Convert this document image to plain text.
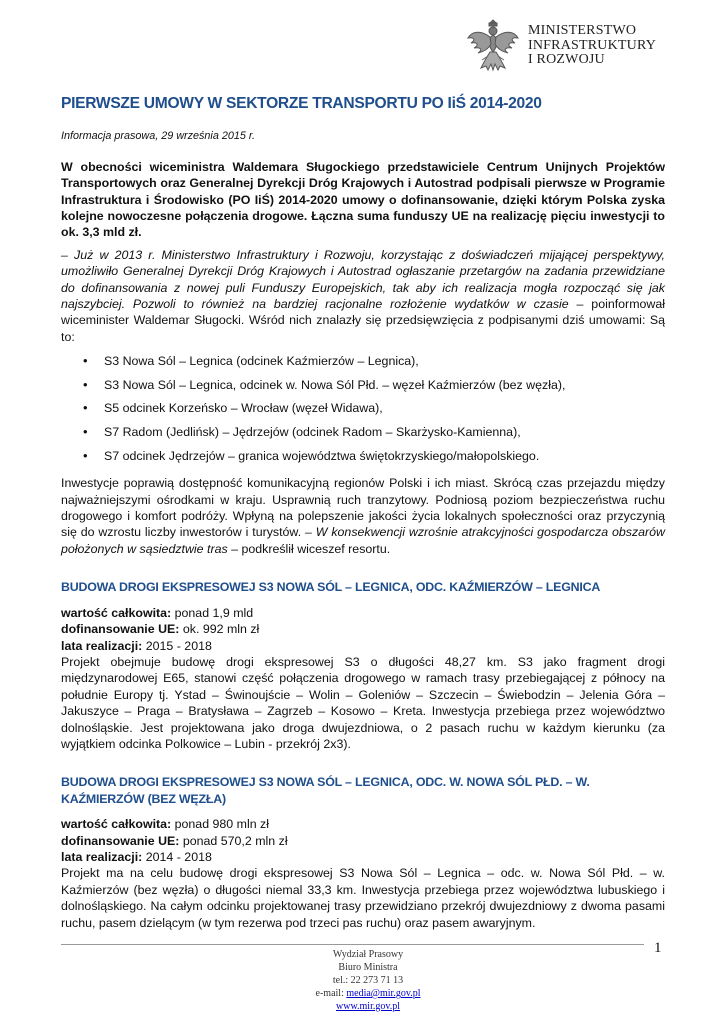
MINISTERSTWO
INFRASTRUKTURY
I ROZWOJU
PIERWSZE UMOWY W SEKTORZE TRANSPORTU PO IiŚ 2014-2020

Informacja prasowa, 29 września 2015 r.

W obecności wiceministra Waldemara Sługockiego przedstawiciele Centrum Unijnych Projektów Transportowych oraz Generalnej Dyrekcji Dróg Krajowych i Autostrad podpisali pierwsze w Programie Infrastruktura i Środowisko (PO IiŚ) 2014-2020 umowy o dofinansowanie, dzięki którym Polska zyska kolejne nowoczesne połączenia drogowe. Łączna suma funduszy UE na realizację pięciu inwestycji to ok. 3,3 mld zł.

– Już w 2013 r. Ministerstwo Infrastruktury i Rozwoju, korzystając z doświadczeń mijającej perspektywy, umożliwiło Generalnej Dyrekcji Dróg Krajowych i Autostrad ogłaszanie przetargów na zadania przewidziane do dofinansowania z nowej puli Funduszy Europejskich, tak aby ich realizacja mogła rozpocząć się jak najszybciej. Pozwoli to również na bardziej racjonalne rozłożenie wydatków w czasie – poinformował wiceminister Waldemar Sługocki. Wśród nich znalazły się przedsięwzięcia z podpisanymi dziś umowami: Są to:

• S3 Nowa Sól – Legnica (odcinek Kaźmierzów – Legnica),
• S3 Nowa Sól – Legnica, odcinek w. Nowa Sól Płd. – węzeł Kaźmierzów (bez węzła),
• S5 odcinek Korzeńsko – Wrocław (węzeł Widawa),
• S7 Radom (Jedlińsk) – Jędrzejów (odcinek Radom – Skarżysko-Kamienna),
• S7 odcinek Jędrzejów – granica województwa świętokrzyskiego/małopolskiego.

Inwestycje poprawią dostępność komunikacyjną regionów Polski i ich miast. Skrócą czas przejazdu między najważniejszymi ośrodkami w kraju. Usprawnią ruch tranzytowy. Podniosą poziom bezpieczeństwa ruchu drogowego i komfort podróży. Wpłyną na polepszenie jakości życia lokalnych społeczności oraz przyczynią się do wzrostu liczby inwestorów i turystów. – W konsekwencji wzrośnie atrakcyjności gospodarcza obszarów położonych w sąsiedztwie tras – podkreślił wiceszef resortu.

BUDOWA DROGI EKSPRESOWEJ S3 NOWA SÓL – LEGNICA, ODC. KAŹMIERZÓW – LEGNICA

wartość całkowita: ponad 1,9 mld

dofinansowanie UE: ok. 992 mln zł

lata realizacji: 2015 - 2018

Projekt obejmuje budowę drogi ekspresowej S3 o długości 48,27 km. S3 jako fragment drogi międzynarodowej E65, stanowi część połączenia drogowego w ramach trasy przebiegającej z północy na południe Europy tj. Ystad – Świnoujście – Wolin – Goleniów – Szczecin – Świebodzin – Jelenia Góra – Jakuszyce – Praga – Bratysława – Zagrzeb – Kosowo – Kreta. Inwestycja przebiega przez województwo dolnośląskie. Jest projektowana jako droga dwujezdniowa, o 2 pasach ruchu w każdym kierunku (za wyjątkiem odcinka Polkowice – Lubin - przekrój 2x3).

BUDOWA DROGI EKSPRESOWEJ S3 NOWA SÓL – LEGNICA, ODC. W. NOWA SÓL PŁD. – W. KAŹMIERZÓW (BEZ WĘZŁA)

wartość całkowita: ponad 980 mln zł

dofinansowanie UE: ponad 570,2 mln zł

lata realizacji: 2014 - 2018

Projekt ma na celu budowę drogi ekspresowej S3 Nowa Sól – Legnica – odc. w. Nowa Sól Płd. – w. Kaźmierzów (bez węzła) o długości niemal 33,3 km. Inwestycja przebiega przez województwa lubuskiego i dolnośląskiego. Na całym odcinku projektowanej trasy przewidziano przekrój dwujezdniowy z dwoma pasami ruchu, pasem dzielącym (w tym rezerwa pod trzeci pas ruchu) oraz pasem awaryjnym.

1
Wydział Prasowy
Biuro Ministra
tel.: 22 273 71 13
e-mail: media@mir.gov.pl
www.mir.gov.pl
